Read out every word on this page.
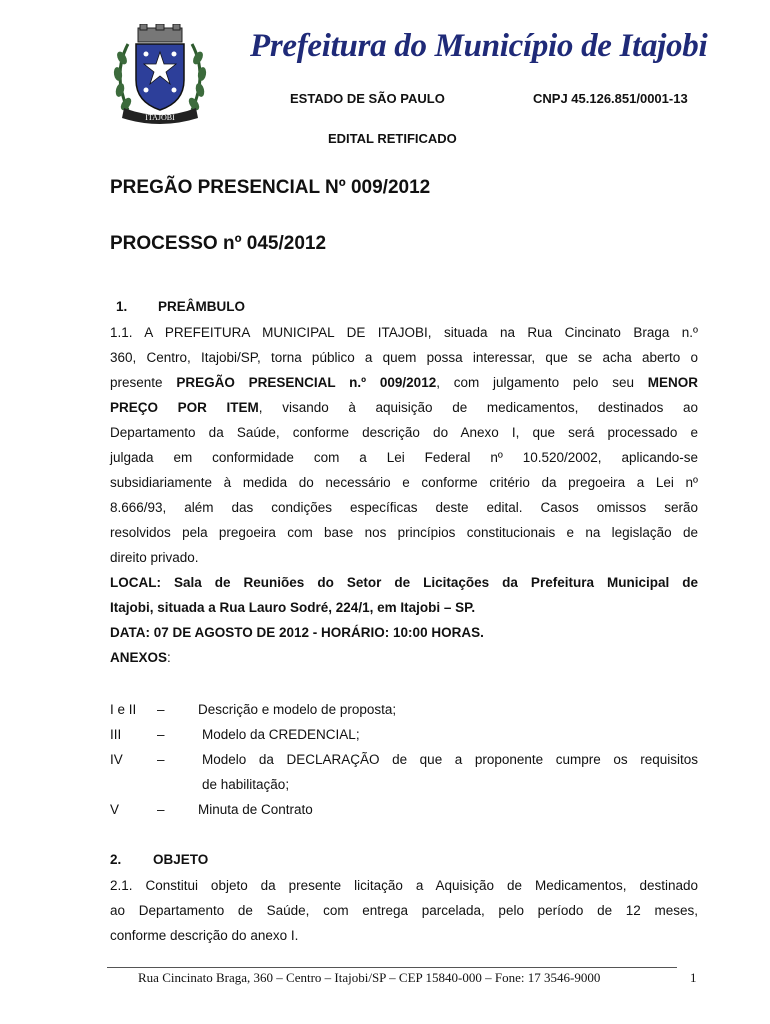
ITAJOBI
Prefeitura do Município de Itajobi
ESTADO DE SÃO PAULO	CNPJ 45.126.851/0001-13
EDITAL RETIFICADO
PREGÃO PRESENCIAL Nº 009/2012
PROCESSO nº 045/2012
1. PREÂMBULO
1.1. A PREFEITURA MUNICIPAL DE ITAJOBI, situada na Rua Cincinato Braga n.º
360, Centro, Itajobi/SP, torna público a quem possa interessar, que se acha aberto o
presente PREGÃO PRESENCIAL n.º 009/2012, com julgamento pelo seu MENOR
PREÇO POR ITEM, visando à aquisição de medicamentos, destinados ao
Departamento da Saúde, conforme descrição do Anexo I, que será processado e
julgada em conformidade com a Lei Federal nº 10.520/2002, aplicando-se
subsidiariamente à medida do necessário e conforme critério da pregoeira a Lei nº
8.666/93, além das condições específicas deste edital. Casos omissos serão
resolvidos pela pregoeira com base nos princípios constitucionais e na legislação de
direito privado.
LOCAL: Sala de Reuniões do Setor de Licitações da Prefeitura Municipal de
Itajobi, situada a Rua Lauro Sodré, 224/1, em Itajobi – SP.
DATA: 07 DE AGOSTO DE 2012 - HORÁRIO: 10:00 HORAS.
ANEXOS:
I e II – Descrição e modelo de proposta;
III	–	Modelo da CREDENCIAL;
IV	–	Modelo da DECLARAÇÃO de que a proponente cumpre os requisitos
de habilitação;
V	– Minuta de Contrato
2. OBJETO
2.1. Constitui objeto da presente licitação a Aquisição de Medicamentos, destinado
ao Departamento de Saúde, com entrega parcelada, pelo período de 12 meses,
conforme descrição do anexo I.
Rua Cincinato Braga, 360 – Centro – Itajobi/SP – CEP 15840-000 – Fone: 17 3546-9000	1
